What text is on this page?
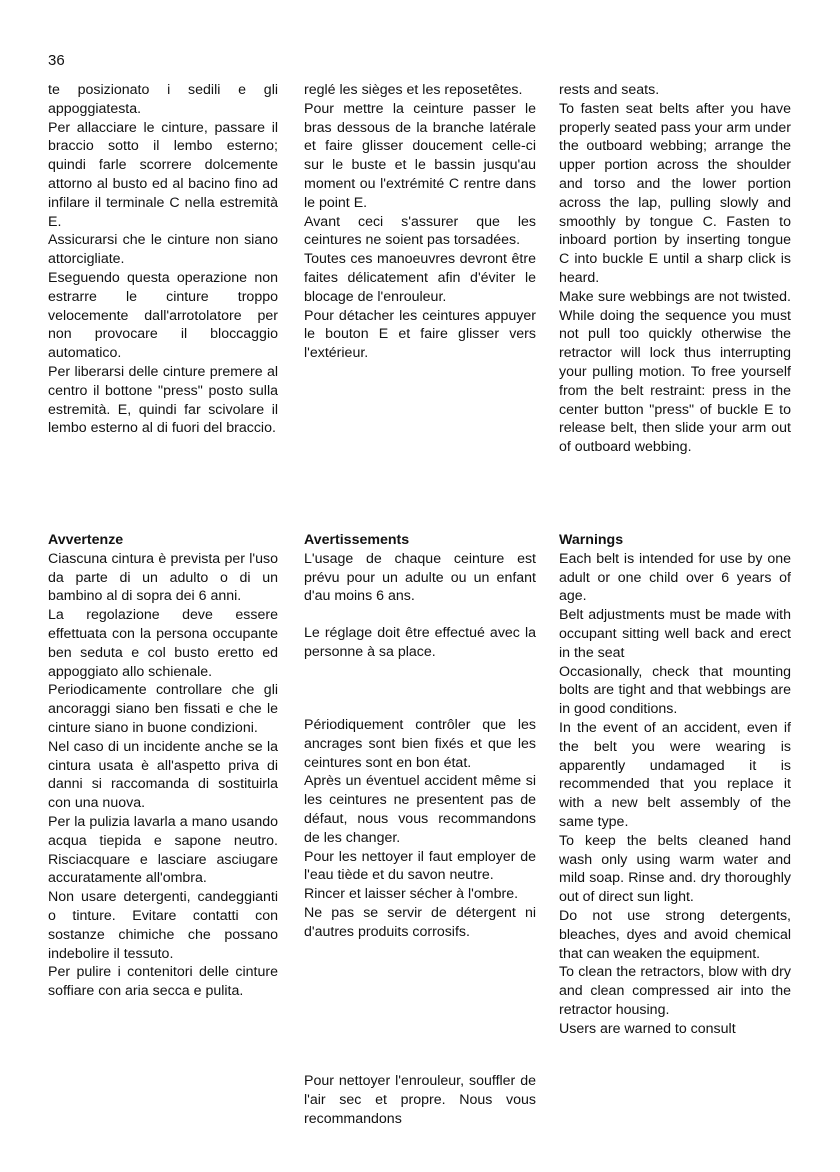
36

te posizionato i sedili e gli appoggiatesta.

Per allacciare le cinture, passare il braccio sotto il lembo esterno; quindi farle scorrere dolcemente attorno al busto ed al bacino fino ad infilare il terminale C nella estremità E.

Assicurarsi che le cinture non siano attorcigliate.

Eseguendo questa operazione non estrarre le cinture troppo velocemente dall'arrotolatore per non provocare il bloccaggio automatico.

Per liberarsi delle cinture premere al centro il bottone "press" posto sulla estremità. E, quindi far scivolare il lembo esterno al di fuori del braccio.

Avvertenze

Ciascuna cintura è prevista per l'uso da parte di un adulto o di un bambino al di sopra dei 6 anni.

La regolazione deve essere effettuata con la persona occupante ben seduta e col busto eretto ed appoggiato allo schienale.

Periodicamente controllare che gli ancoraggi siano ben fissati e che le cinture siano in buone condizioni.

Nel caso di un incidente anche se la cintura usata è all'aspetto priva di danni si raccomanda di sostituirla con una nuova.

Per la pulizia lavarla a mano usando acqua tiepida e sapone neutro. Risciacquare e lasciare asciugare accuratamente all'ombra.

Non usare detergenti, candeggianti o tinture. Evitare contatti con sostanze chimiche che possano indebolire il tessuto.

Per pulire i contenitori delle cinture soffiare con aria secca e pulita.

reglé les sièges et les reposetêtes.

Pour mettre la ceinture passer le bras dessous de la branche latérale et faire glisser doucement celle-ci sur le buste et le bassin jusqu'au moment ou l'extrémité C rentre dans le point E.

Avant ceci s'assurer que les ceintures ne soient pas torsadées.

Toutes ces manoeuvres devront être faites délicatement afin d'éviter le blocage de l'enrouleur.

Pour détacher les ceintures appuyer le bouton E et faire glisser vers l'extérieur.

Avertissements

L'usage de chaque ceinture est prévu pour un adulte ou un enfant d'au moins 6 ans.

Le réglage doit être effectué avec la personne à sa place.

Périodiquement contrôler que les ancrages sont bien fixés et que les ceintures sont en bon état.

Après un éventuel accident même si les ceintures ne presentent pas de défaut, nous vous recommandons de les changer.

Pour les nettoyer il faut employer de l'eau tiède et du savon neutre.

Rincer et laisser sécher à l'ombre.

Ne pas se servir de détergent ni d'autres produits corrosifs.

Pour nettoyer l'enrouleur, souffler de l'air sec et propre. Nous vous recommandons

rests and seats.

To fasten seat belts after you have properly seated pass your arm under the outboard webbing; arrange the upper portion across the shoulder and torso and the lower portion across the lap, pulling slowly and smoothly by tongue C. Fasten to inboard portion by inserting tongue C into buckle E until a sharp click is heard.

Make sure webbings are not twisted. While doing the sequence you must not pull too quickly otherwise the retractor will lock thus interrupting your pulling motion. To free yourself from the belt restraint: press in the center button "press" of buckle E to release belt, then slide your arm out of outboard webbing.

Warnings

Each belt is intended for use by one adult or one child over 6 years of age.

Belt adjustments must be made with occupant sitting well back and erect in the seat

Occasionally, check that mounting bolts are tight and that webbings are in good conditions.

In the event of an accident, even if the belt you were wearing is apparently undamaged it is recommended that you replace it with a new belt assembly of the same type.

To keep the belts cleaned hand wash only using warm water and mild soap. Rinse and. dry thoroughly out of direct sun light.

Do not use strong detergents, bleaches, dyes and avoid chemical that can weaken the equipment.

To clean the retractors, blow with dry and clean compressed air into the retractor housing.

Users are warned to consult
